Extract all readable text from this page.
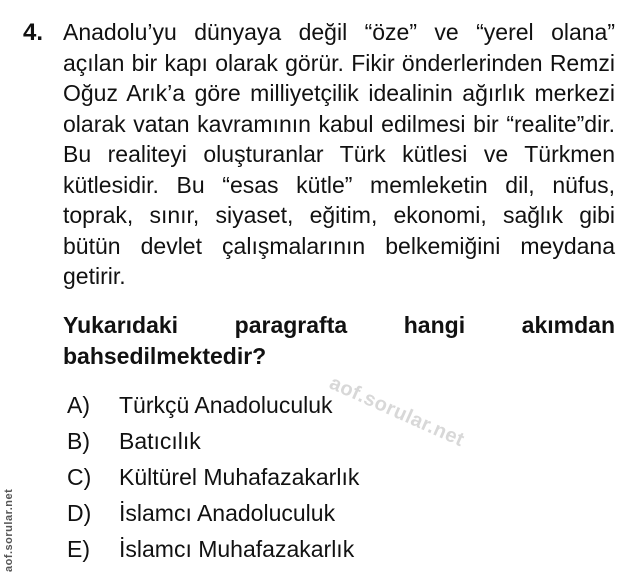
4. Anadolu’yu dünyaya değil “öze” ve “yerel olana” açılan bir kapı olarak görür. Fikir önderlerinden Remzi Oğuz Arık’a göre milliyetçilik idealinin ağırlık merkezi olarak vatan kavramının kabul edilmesi bir “realite”dir. Bu realiteyi oluşturanlar Türk kütlesi ve Türkmen kütlesidir. Bu “esas kütle” memleketin dil, nüfus, toprak, sınır, siyaset, eğitim, ekonomi, sağlık gibi bütün devlet çalışmalarının belkemiğini meydana getirir.
Yukarıdaki paragrafta hangi akımdan bahsedilmektedir?
A)	Türkçü Anadoluculuk
B)	Batıcılık
C)	Kültürel Muhafazakarlık
D)	İslamcı Anadoluculuk
E)	İslamcı Muhafazakarlık
aof.sorular.net
aof.sorular.net
